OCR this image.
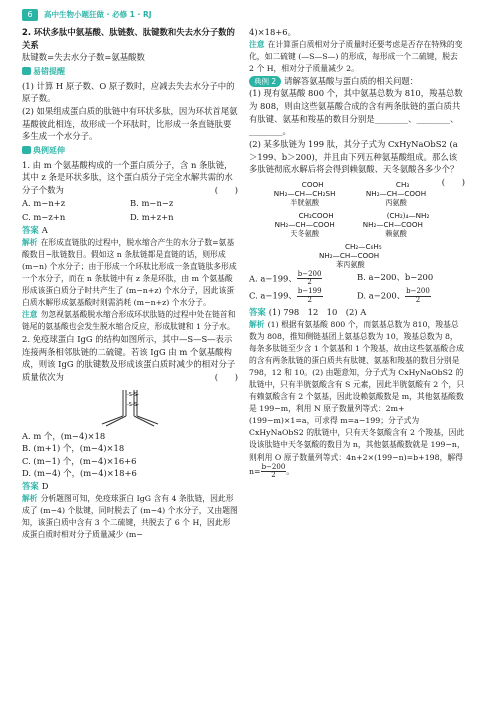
6	高中生物小题狂做 · 必修 1 · RJ

2. 环状多肽中氨基酸、肽链数、肽键数和失去水分子数的关系

肽键数=失去水分子数=氨基酸数

易错提醒

(1) 计算 H 原子数、O 原子数时，应减去失去水分子中的原子数。

(2) 如果组成蛋白质的肽链中有环状多肽，因为环状首尾氨基酸彼此相连，故形成一个环肽时，比形成一条直链肽要多生成一个水分子。

典例延伸

1. 由 m 个氨基酸构成的一个蛋白质分子，含 n 条肽链，其中 z 条是环状多肽，这个蛋白质分子完全水解共需的水分子个数为	(　　)

A. m−n+z	B. m−n−z
C. m−z+n	D. m+z+n

答案 A

解析 在形成直链肽的过程中，脱水缩合产生的水分子数=氨基酸数目−肽链数目。假如这 n 条肽链都是直链的话，则形成 (m−n) 个水分子；由于形成一个环肽比形成一条直链肽多形成一个水分子，而在 n 条肽链中有 z 条是环肽，由 m 个氨基酸形成该蛋白质分子时共产生了 (m−n+z) 个水分子，因此该蛋白质水解形成氨基酸时则需消耗 (m−n+z) 个水分子。

注意 勿忽视氨基酸脱水缩合形成环状肽链的过程中处在链首和链尾的氨基酸也会发生脱水缩合反应，形成肽键和 1 分子水。

2. 免疫球蛋白 IgG 的结构如图所示，其中—S—S—表示连接两条相邻肽链的二硫键。若该 IgG 由 m 个氨基酸构成，则该 IgG 的肽键数及形成该蛋白质时减少的相对分子质量依次为	(　　)

-S-S-
-S-S-

A. m 个，(m−4)×18

B. (m+1) 个，(m−4)×18

C. (m−1) 个，(m−4)×16+6

D. (m−4) 个，(m−4)×18+6

答案 D

解析 分析题图可知，免疫球蛋白 IgG 含有 4 条肽链，因此形成了 (m−4) 个肽键，同时脱去了 (m−4) 个水分子，又由题图知，该蛋白质中含有 3 个二硫键，共脱去了 6 个 H，因此形成蛋白质时相对分子质量减少 (m−

4)×18+6。

注意 在计算蛋白质相对分子质量时还要考虑是否存在特殊的变化，如二硫键 (—S—S—) 的形成，每形成一个二硫键，脱去 2 个 H，相对分子质量减少 2。

典例 2 请解答氨基酸与蛋白质的相关问题：

(1) 现有氨基酸 800 个，其中氨基总数为 810，羧基总数为 808，则由这些氨基酸合成的含有两条肽链的蛋白质共有肽键、氨基和羧基的数目分别是________、________、________。

(2) 某多肽链为 199 肽，其分子式为 CxHyNaObS2 (a＞199、b＞200)，并且由下列五种氨基酸组成。那么该多肽链彻底水解后将会得到赖氨酸、天冬氨酸各多少个？
(　　)

COOH
NH₂—CH—CH₂SH
半胱氨酸
CH₃
NH₂—CH—COOH
丙氨酸
CH₂COOH
NH₂—CH—COOH
天冬氨酸
(CH₂)₄—NH₂
NH₂—CH—COOH
赖氨酸
CH₂—C₆H₅
NH₂—CH—COOH
苯丙氨酸
A. a−199、 $\frac{b-200}{2}$	B. a−200、b−200
C. a−199、 $\frac{b-199}{2}$	D. a−200、 $\frac{b-200}{2}$

答案 (1) 798　12　10　(2) A

解析 (1) 根据有氨基酸 800 个，而氨基总数为 810，羧基总数为 808，推知侧链基团上氨基总数为 10，羧基总数为 8，每条多肽链至少含 1 个氨基和 1 个羧基，故由这些氨基酸合成的含有两条肽链的蛋白质共有肽键、氨基和羧基的数目分别是 798，12 和 10。(2) 由题意知，分子式为 CxHyNaObS2 的肽链中，只有半胱氨酸含有 S 元素，因此半胱氨酸有 2 个，只有赖氨酸含有 2 个氨基，因此设赖氨酸数是 m，其他氨基酸数是 199−m，利用 N 原子数量列等式：2m+(199−m)×1=a，可求得 m=a−199；分子式为 CxHyNaObS2 的肽链中，只有天冬氨酸含有 2 个羧基，因此设该肽链中天冬氨酸的数目为 n，其他氨基酸数就是 199−n，则利用 O 原子数量列等式：4n+2×(199−n)=b+198，解得 $n= \frac{b-200}{2}$ 。
